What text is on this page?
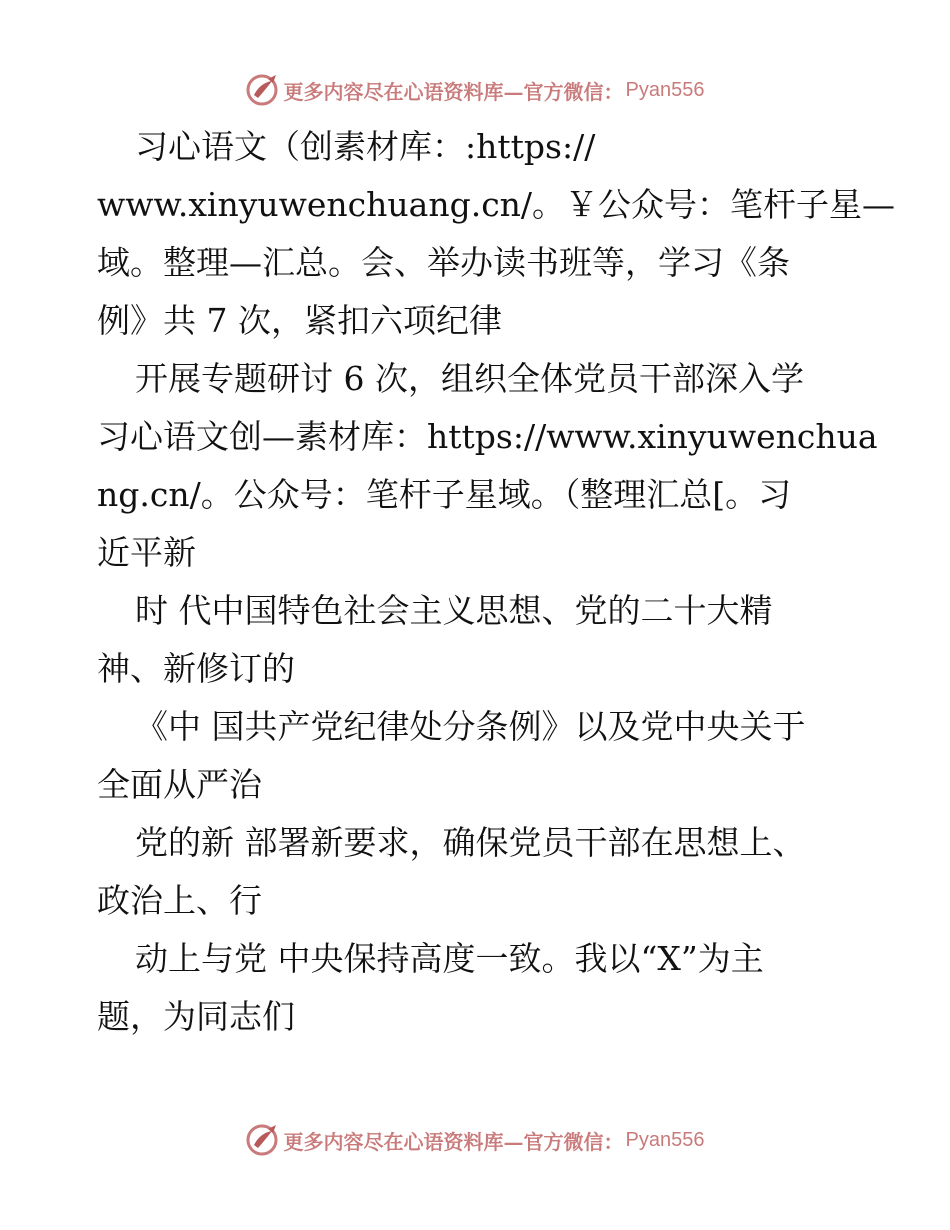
更多内容尽在心语资料库—官方微信： Pyan556
习心语文（创素材库：:https://
www.xinyuwenchuang.cn/。￥公众号：笔杆子星—
域。整理—汇总。会、举办读书班等，学习《条
例》共 7 次，紧扣六项纪律
开展专题研讨 6 次，组织全体党员干部深入学
习心语文创—素材库：https://www.xinyuwenchua
ng.cn/。公众号：笔杆子星域。（整理汇总[。习
近平新
时 代中国特色社会主义思想、党的二十大精
神、新修订的
《中 国共产党纪律处分条例》以及党中央关于
全面从严治
党的新 部署新要求，确保党员干部在思想上、
政治上、行
动上与党 中央保持高度一致。我以“X”为主
题，为同志们
更多内容尽在心语资料库—官方微信： Pyan556
